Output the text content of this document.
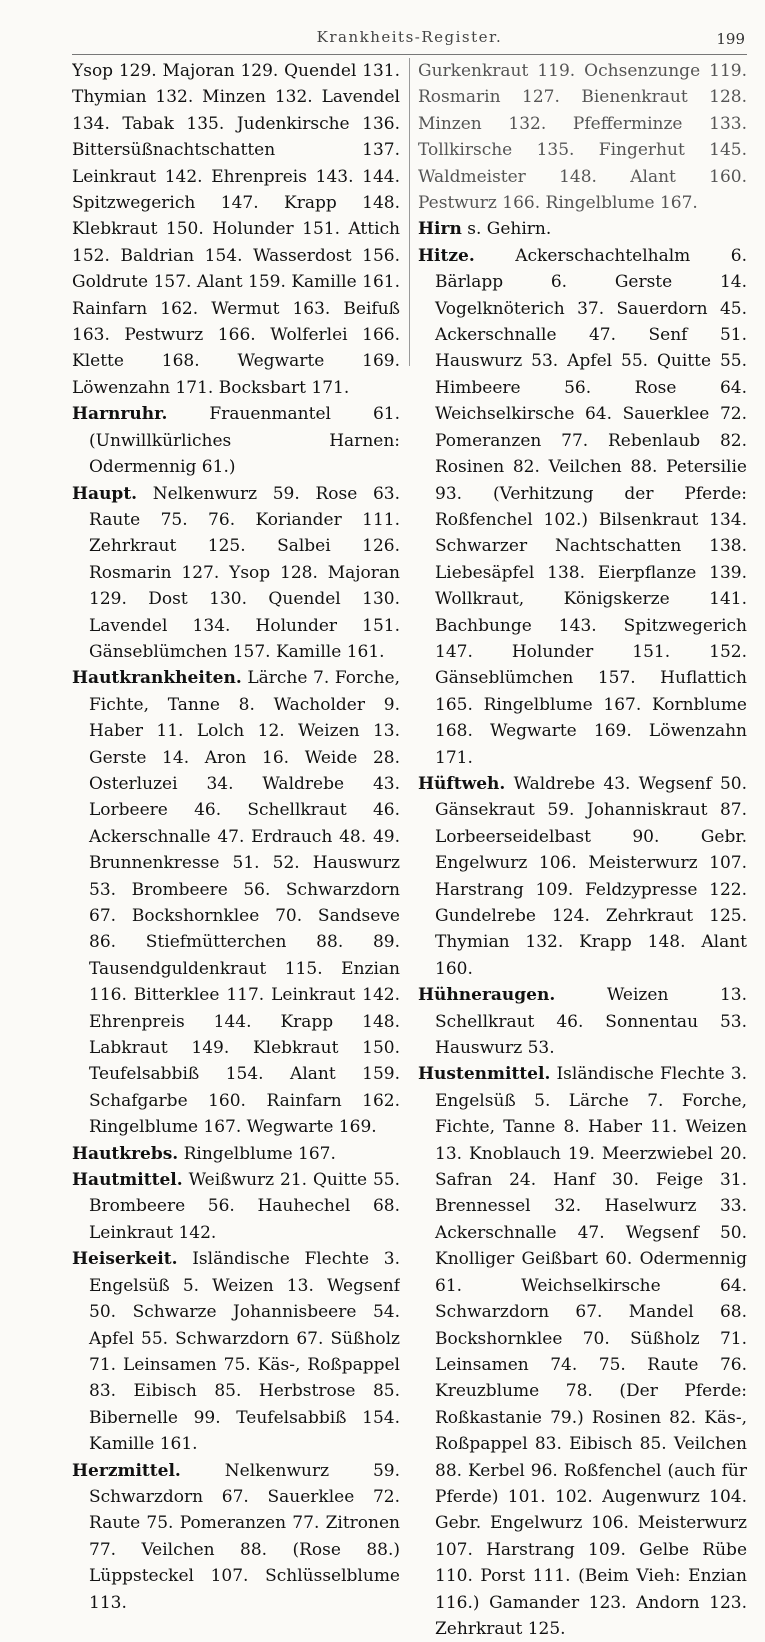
Krankheits-Register.	199
Ysop 129. Majoran 129. Quendel 131. Thymian 132. Minzen 132. Lavendel 134. Tabak 135. Judenkirsche 136. Bittersüßnachtschatten 137. Leinkraut 142. Ehrenpreis 143. 144. Spitzwegerich 147. Krapp 148. Klebkraut 150. Holunder 151. Attich 152. Baldrian 154. Wasserdost 156. Goldrute 157. Alant 159. Kamille 161. Rainfarn 162. Wermut 163. Beifuß 163. Pestwurz 166. Wolferlei 166. Klette 168. Wegwarte 169. Löwenzahn 171. Bocksbart 171.
Harnruhr. Frauenmantel 61. (Unwillkürliches Harnen: Odermennig 61.)
Haupt. Nelkenwurz 59. Rose 63. Raute 75. 76. Koriander 111. Zehrkraut 125. Salbei 126. Rosmarin 127. Ysop 128. Majoran 129. Dost 130. Quendel 130. Lavendel 134. Holunder 151. Gänseblümchen 157. Kamille 161.
Hautkrankheiten. Lärche 7. Forche, Fichte, Tanne 8. Wacholder 9. Haber 11. Lolch 12. Weizen 13. Gerste 14. Aron 16. Weide 28. Osterluzei 34. Waldrebe 43. Lorbeere 46. Schellkraut 46. Ackerschnalle 47. Erdrauch 48. 49. Brunnenkresse 51. 52. Hauswurz 53. Brombeere 56. Schwarzdorn 67. Bockshornklee 70. Sandseve 86. Stiefmütterchen 88. 89. Tausendguldenkraut 115. Enzian 116. Bitterklee 117. Leinkraut 142. Ehrenpreis 144. Krapp 148. Labkraut 149. Klebkraut 150. Teufelsabbiß 154. Alant 159. Schafgarbe 160. Rainfarn 162. Ringelblume 167. Wegwarte 169.
Hautkrebs. Ringelblume 167.
Hautmittel. Weißwurz 21. Quitte 55. Brombeere 56. Hauhechel 68. Leinkraut 142.
Heiserkeit. Isländische Flechte 3. Engelsüß 5. Weizen 13. Wegsenf 50. Schwarze Johannisbeere 54. Apfel 55. Schwarzdorn 67. Süßholz 71. Leinsamen 75. Käs-, Roßpappel 83. Eibisch 85. Herbstrose 85. Bibernelle 99. Teufelsabbiß 154. Kamille 161.
Herzmittel.	Nelkenwurz 59. Schwarzdorn 67. Sauerklee 72. Raute 75. Pomeranzen 77. Zitronen 77. Veilchen 88. (Rose 88.) Lüppsteckel 107. Schlüsselblume 113.
Gurkenkraut 119. Ochsenzunge 119. Rosmarin 127. Bienenkraut 128. Minzen 132. Pfefferminze 133. Tollkirsche 135. Fingerhut 145. Waldmeister 148. Alant 160. Pestwurz 166. Ringelblume 167.
Hirn s. Gehirn.
Hitze. Ackerschachtelhalm 6. Bärlapp 6. Gerste 14. Vogelknöterich 37. Sauerdorn 45. Ackerschnalle 47. Senf 51. Hauswurz 53. Apfel 55. Quitte 55. Himbeere 56. Rose 64. Weichselkirsche 64. Sauerklee 72. Pomeranzen 77. Rebenlaub 82. Rosinen 82. Veilchen 88. Petersilie 93. (Verhitzung der Pferde: Roßfenchel 102.) Bilsenkraut 134. Schwarzer Nachtschatten 138. Liebesäpfel 138. Eierpflanze 139. Wollkraut, Königskerze 141. Bachbunge 143. Spitzwegerich 147. Holunder 151. 152. Gänseblümchen 157. Huflattich 165. Ringelblume 167. Kornblume 168. Wegwarte 169. Löwenzahn 171.
Hüftweh. Waldrebe 43. Wegsenf 50. Gänsekraut 59. Johanniskraut 87. Lorbeerseidelbast 90. Gebr. Engelwurz 106. Meisterwurz 107. Harstrang 109. Feldzypresse 122. Gundelrebe 124. Zehrkraut 125. Thymian 132. Krapp 148. Alant 160.
Hühneraugen.	Weizen 13. Schellkraut 46. Sonnentau 53. Hauswurz 53.
Hustenmittel. Isländische Flechte 3. Engelsüß 5. Lärche 7. Forche, Fichte, Tanne 8. Haber 11. Weizen 13. Knoblauch 19. Meerzwiebel 20. Safran 24. Hanf 30. Feige 31. Brennessel 32. Haselwurz 33. Ackerschnalle 47. Wegsenf 50. Knolliger Geißbart 60. Odermennig 61. Weichselkirsche 64. Schwarzdorn 67. Mandel 68. Bockshornklee 70. Süßholz 71. Leinsamen 74. 75. Raute 76. Kreuzblume 78. (Der Pferde: Roßkastanie 79.) Rosinen 82. Käs-, Roßpappel 83. Eibisch 85. Veilchen 88. Kerbel 96. Roßfenchel (auch für Pferde) 101. 102. Augenwurz 104. Gebr. Engelwurz 106. Meisterwurz 107. Harstrang 109. Gelbe Rübe 110. Porst 111. (Beim Vieh: Enzian 116.) Gamander 123. Andorn 123. Zehrkraut 125.
